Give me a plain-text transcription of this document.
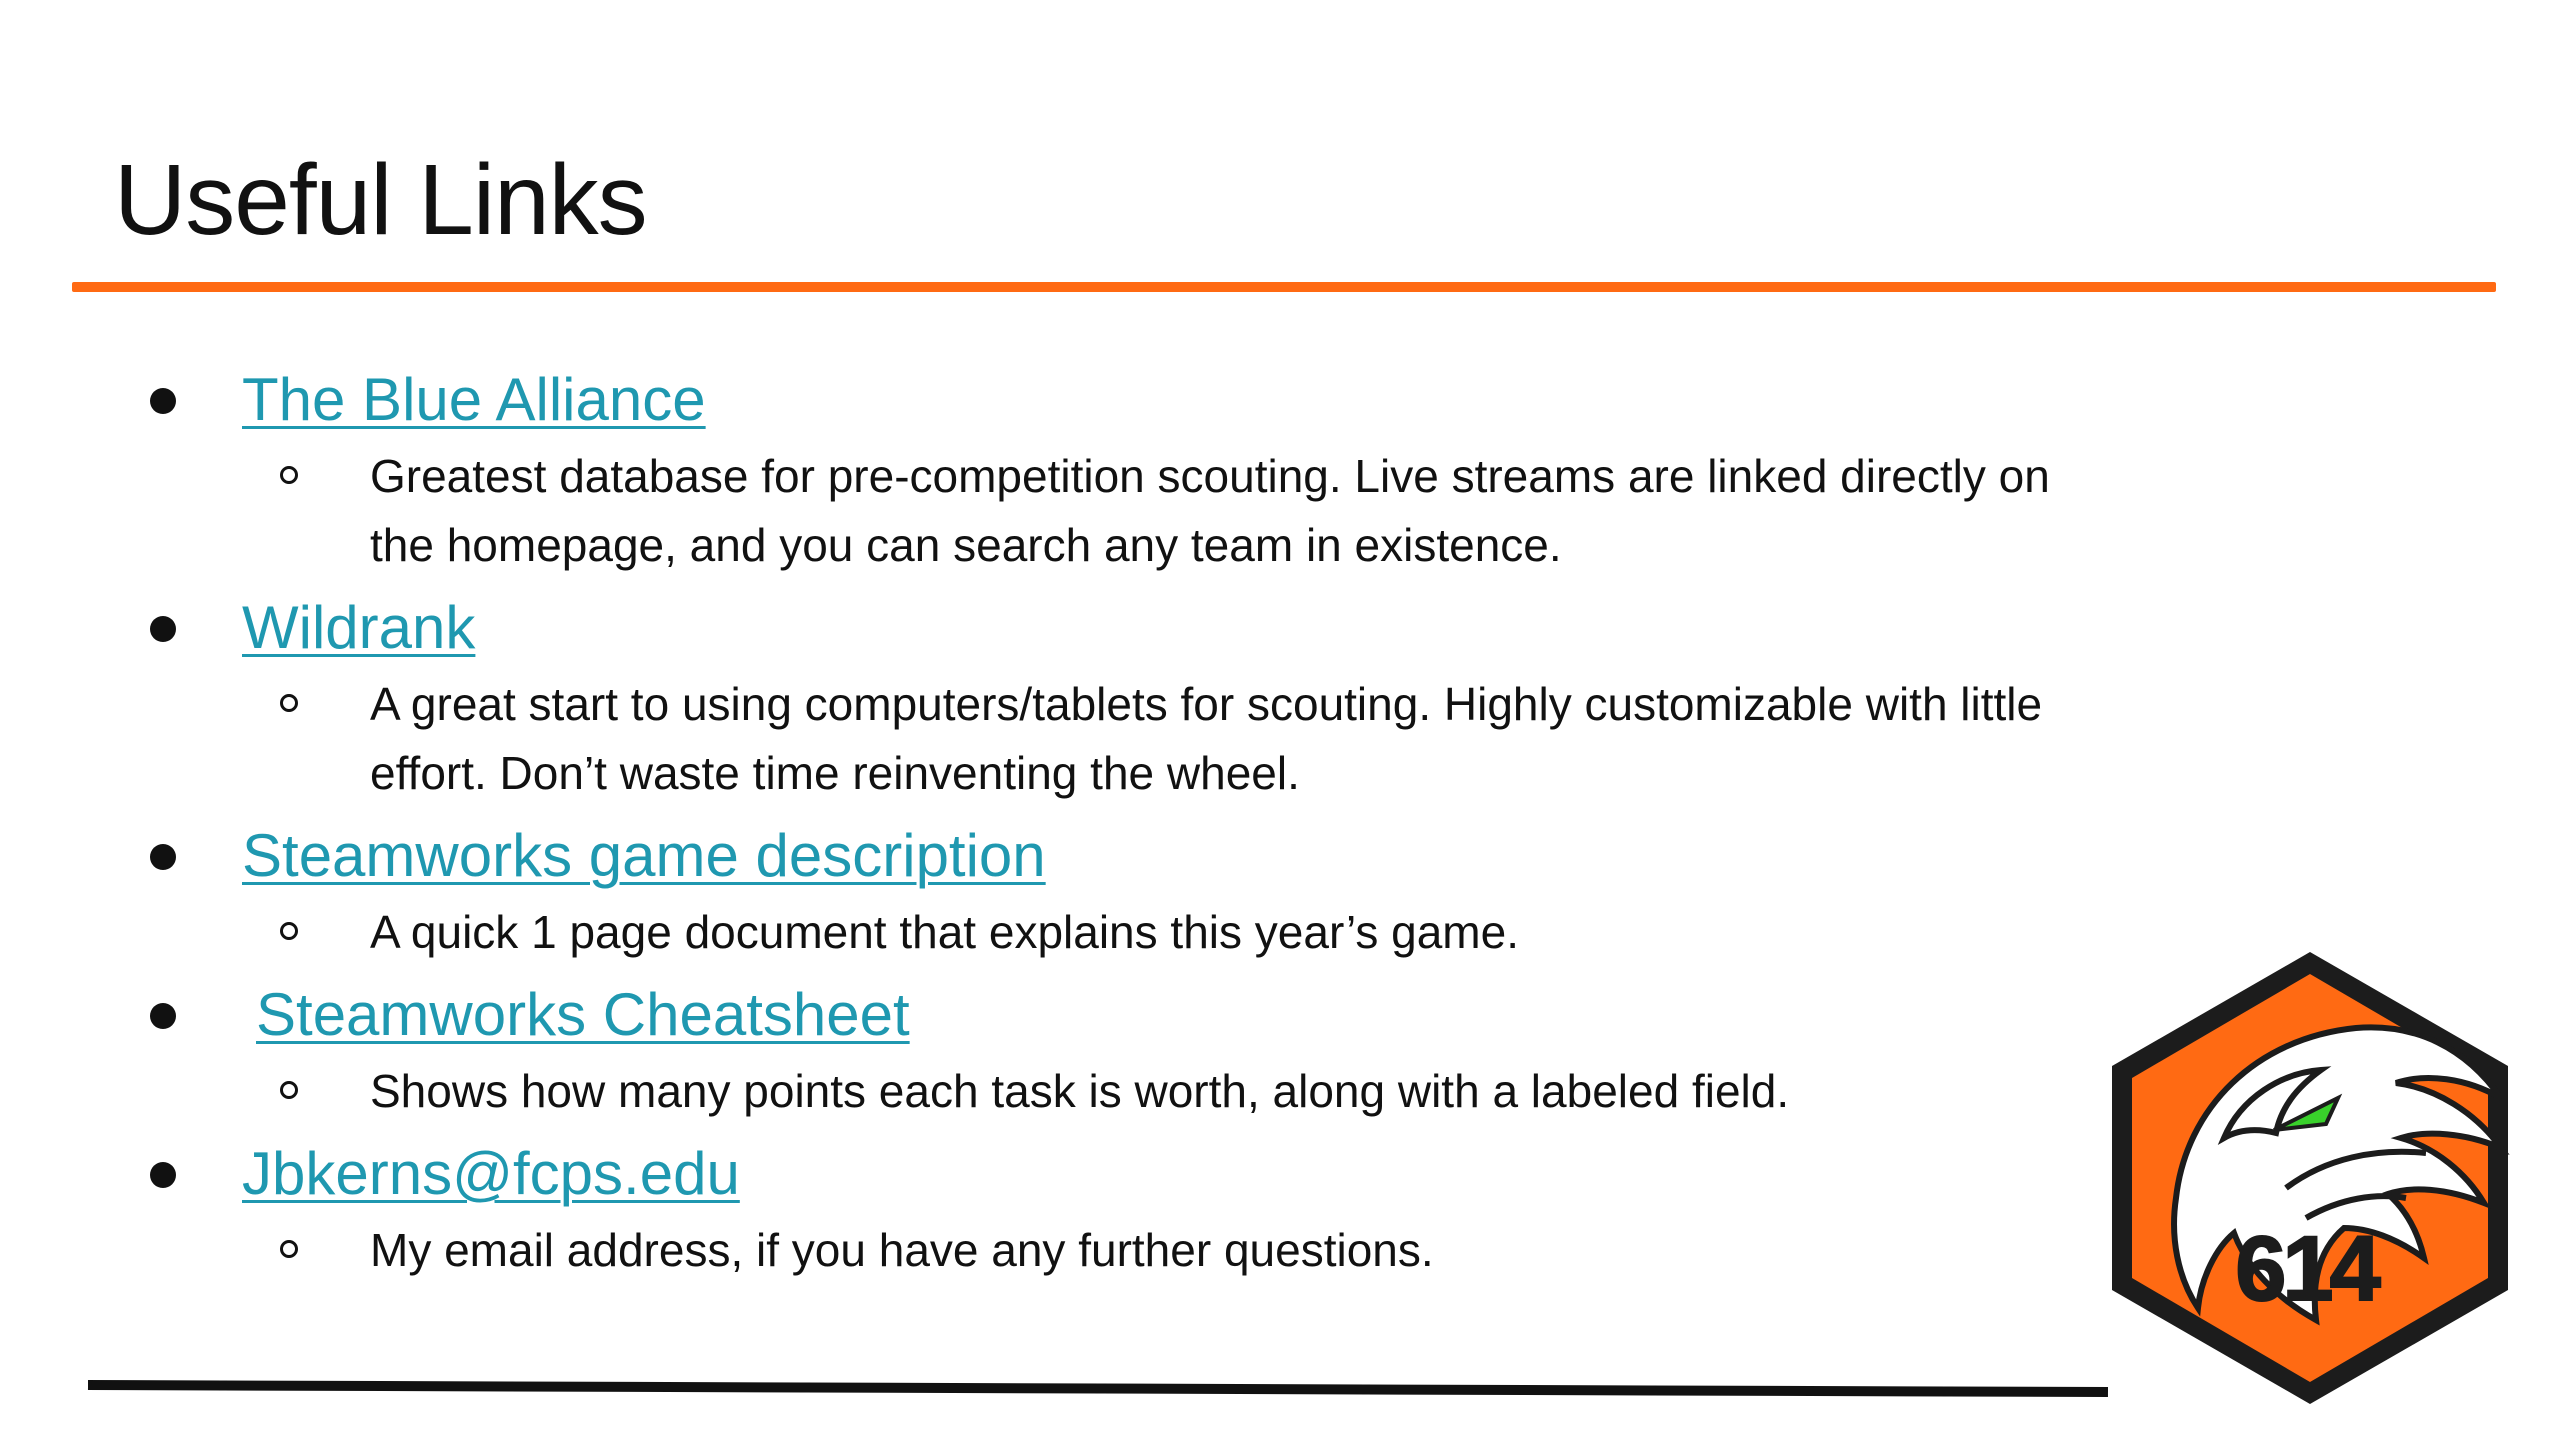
Useful Links
The Blue Alliance
Greatest database for pre-competition scouting. Live streams are linked directly on the homepage, and you can search any team in existence.
Wildrank
A great start to using computers/tablets for scouting. Highly customizable with little effort. Don’t waste time reinventing the wheel.
Steamworks game description
A quick 1 page document that explains this year’s game.
Steamworks Cheatsheet
Shows how many points each task is worth, along with a labeled field.
Jbkerns@fcps.edu
My email address, if you have any further questions.	614
